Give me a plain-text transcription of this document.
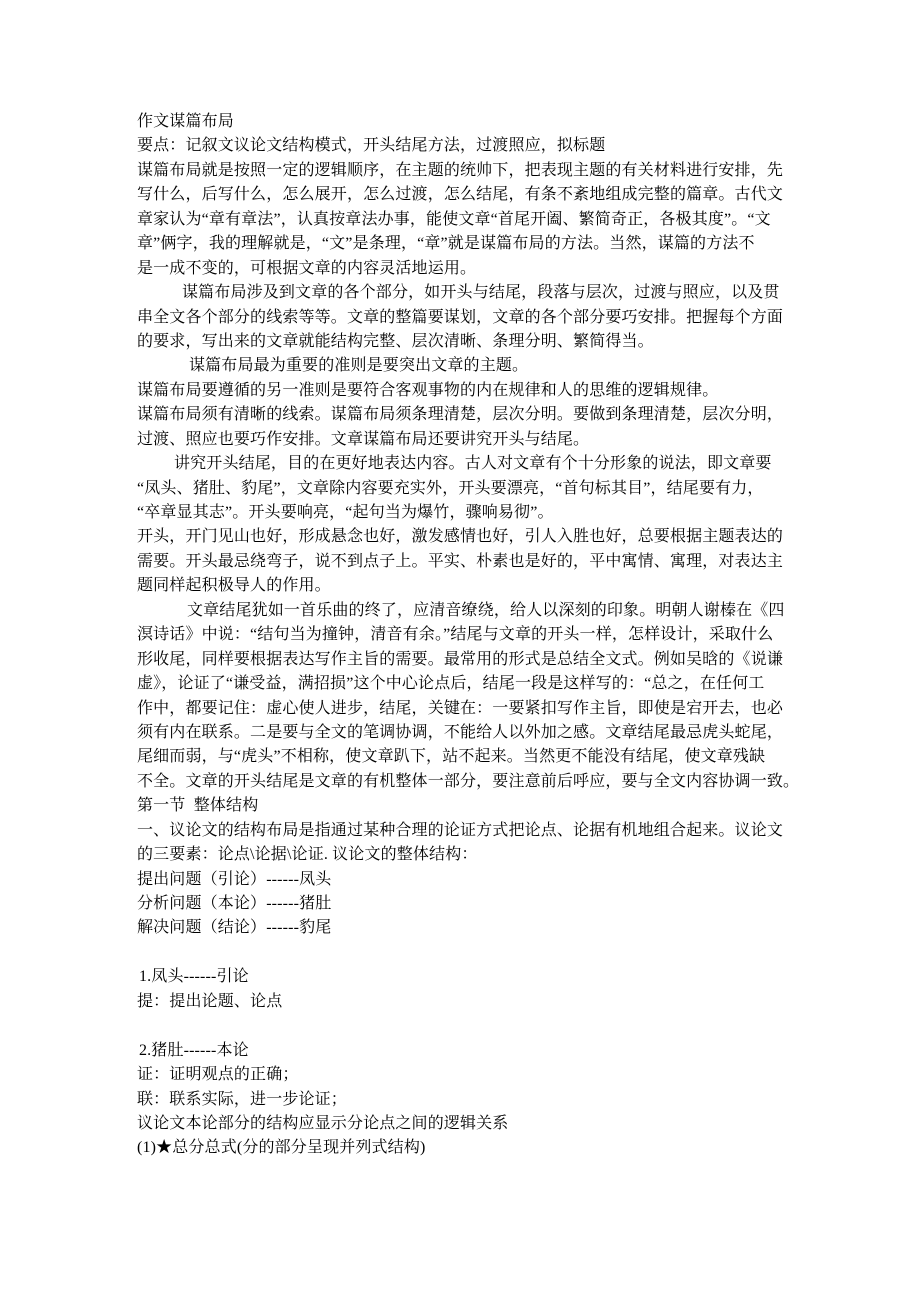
作文谋篇布局
要点：记叙文议论文结构模式，开头结尾方法，过渡照应，拟标题
谋篇布局就是按照一定的逻辑顺序，在主题的统帅下，把表现主题的有关材料进行安排，先
写什么，后写什么，怎么展开，怎么过渡，怎么结尾，有条不紊地组成完整的篇章。古代文
章家认为“章有章法”，认真按章法办事，能使文章“首尾开阖、繁简奇正，各极其度”。“文
章”俩字，我的理解就是，“文”是条理，“章”就是谋篇布局的方法。当然，谋篇的方法不
是一成不变的，可根据文章的内容灵活地运用。
谋篇布局涉及到文章的各个部分，如开头与结尾，段落与层次，过渡与照应，以及贯
串全文各个部分的线索等等。文章的整篇要谋划，文章的各个部分要巧安排。把握每个方面
的要求，写出来的文章就能结构完整、层次清晰、条理分明、繁简得当。
谋篇布局最为重要的准则是要突出文章的主题。
谋篇布局要遵循的另一准则是要符合客观事物的内在规律和人的思维的逻辑规律。
谋篇布局须有清晰的线索。谋篇布局须条理清楚，层次分明。要做到条理清楚，层次分明，
过渡、照应也要巧作安排。文章谋篇布局还要讲究开头与结尾。
讲究开头结尾，目的在更好地表达内容。古人对文章有个十分形象的说法，即文章要
“凤头、猪肚、豹尾”，文章除内容要充实外，开头要漂亮，“首句标其目”，结尾要有力，
“卒章显其志”。开头要响亮，“起句当为爆竹，骤响易彻”。
开头，开门见山也好，形成悬念也好，激发感情也好，引人入胜也好，总要根据主题表达的
需要。开头最忌绕弯子，说不到点子上。平实、朴素也是好的，平中寓情、寓理，对表达主
题同样起积极导人的作用。
文章结尾犹如一首乐曲的终了，应清音缭绕，给人以深刻的印象。明朝人谢榛在《四
溟诗话》中说：“结句当为撞钟，清音有余。”结尾与文章的开头一样，怎样设计，采取什么
形收尾，同样要根据表达写作主旨的需要。最常用的形式是总结全文式。例如吴晗的《说谦
虚》，论证了“谦受益，满招损”这个中心论点后，结尾一段是这样写的：“总之，在任何工
作中，都要记住：虚心使人进步，结尾，关键在：一要紧扣写作主旨，即使是宕开去，也必
须有内在联系。二是要与全文的笔调协调，不能给人以外加之感。文章结尾最忌虎头蛇尾，
尾细而弱，与“虎头”不相称，使文章趴下，站不起来。当然更不能没有结尾，使文章残缺
不全。文章的开头结尾是文章的有机整体一部分，要注意前后呼应，要与全文内容协调一致。
第一节  整体结构
一、议论文的结构布局是指通过某种合理的论证方式把论点、论据有机地组合起来。议论文
的三要素：论点\论据\论证. 议论文的整体结构：
提出问题（引论）------凤头
分析问题（本论）------猪肚
解决问题（结论）------豹尾
1.凤头------引论
提：提出论题、论点
2.猪肚------本论
证：证明观点的正确；
联：联系实际，进一步论证；
议论文本论部分的结构应显示分论点之间的逻辑关系
(1)★总分总式(分的部分呈现并列式结构)
